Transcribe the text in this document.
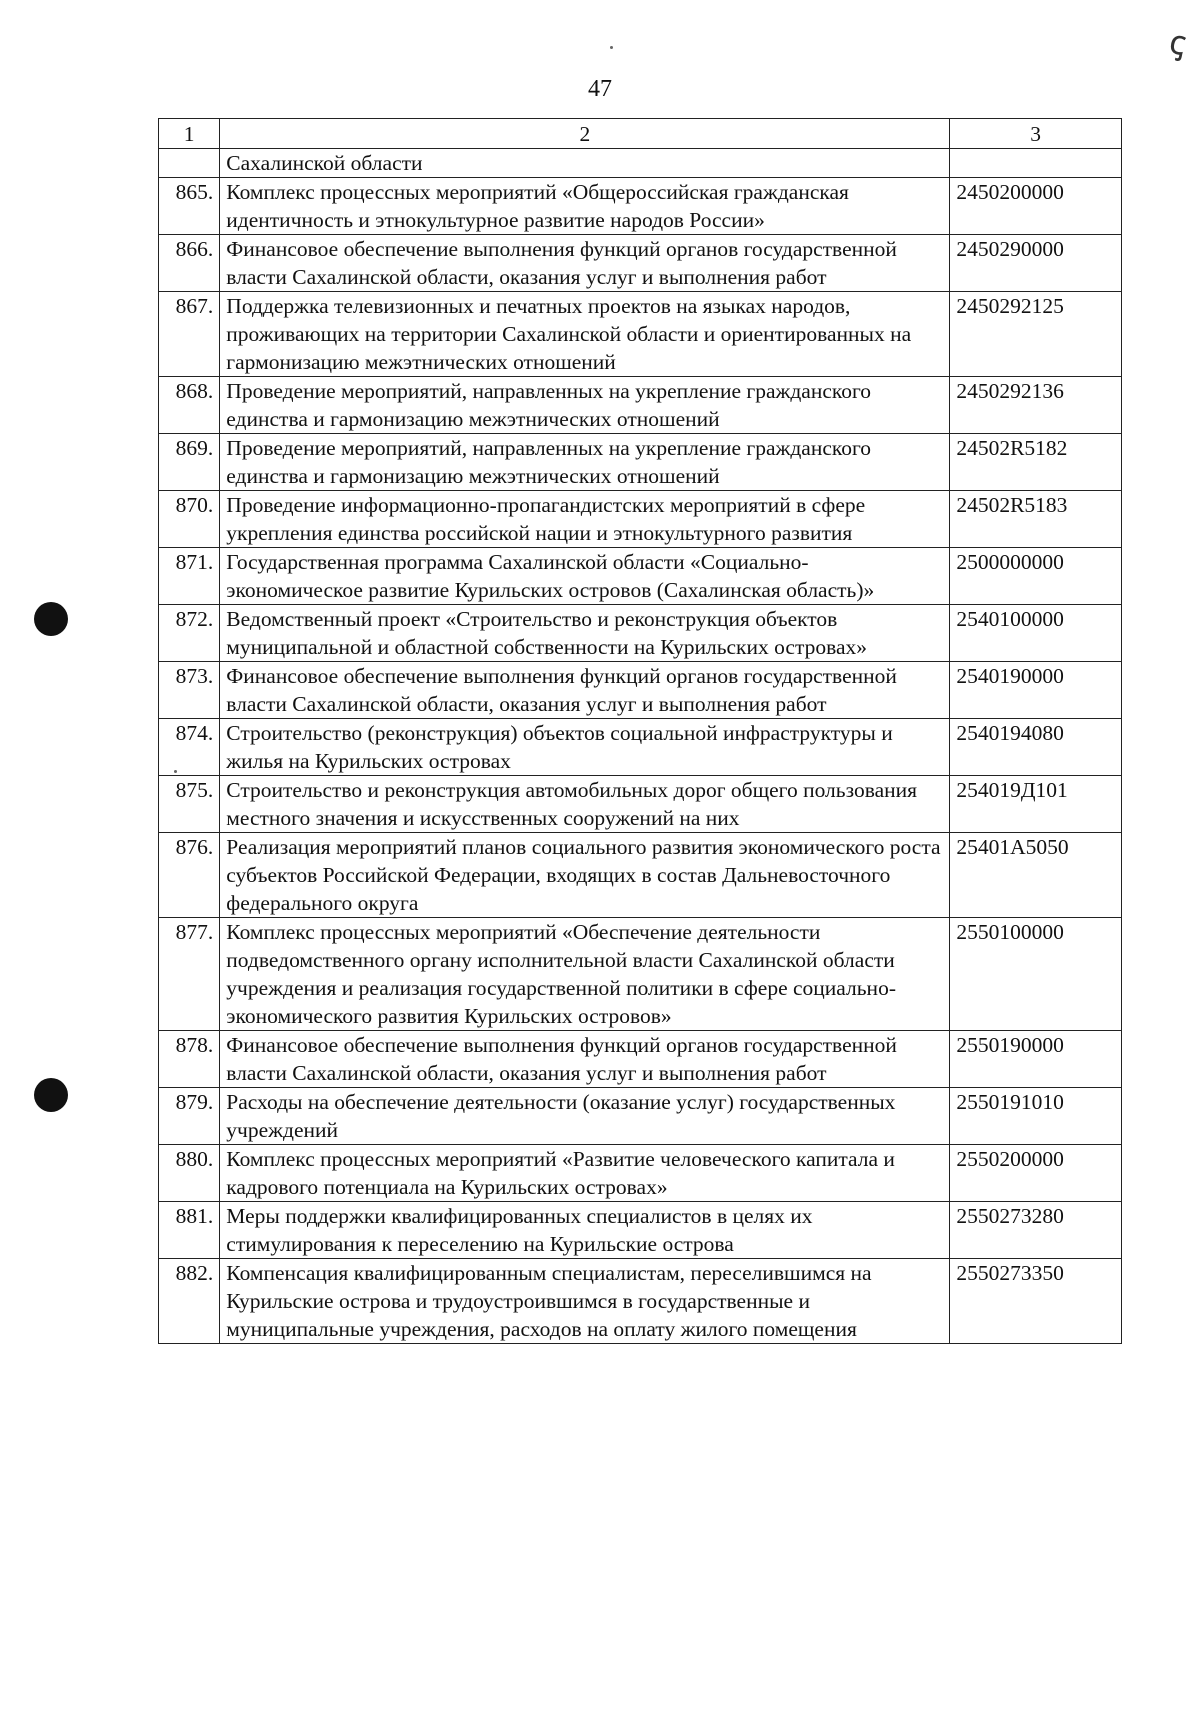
ꞔ
47
1	2	3
	Сахалинской области	
865.	Комплекс процессных мероприятий «Общероссийская гражданская идентичность и этнокультурное развитие народов России»	2450200000
866.	Финансовое обеспечение выполнения функций органов государственной власти Сахалинской области, оказания услуг и выполнения работ	2450290000
867.	Поддержка телевизионных и печатных проектов на языках народов, проживающих на территории Сахалинской области и ориентированных на гармонизацию межэтнических отношений	2450292125
868.	Проведение мероприятий, направленных на укрепление гражданского единства и гармонизацию межэтнических отношений	2450292136
869.	Проведение мероприятий, направленных на укрепление гражданского единства и гармонизацию межэтнических отношений	24502R5182
870.	Проведение информационно-пропагандистских мероприятий в сфере укрепления единства российской нации и этнокультурного развития	24502R5183
871.	Государственная программа Сахалинской области «Социально-экономическое развитие Курильских островов (Сахалинская область)»	2500000000
872.	Ведомственный проект «Строительство и реконструкция объектов муниципальной и областной собственности на Курильских островах»	2540100000
873.	Финансовое обеспечение выполнения функций органов государственной власти Сахалинской области, оказания услуг и выполнения работ	2540190000
874.	Строительство (реконструкция) объектов социальной инфраструктуры и жилья на Курильских островах	2540194080
875.	Строительство и реконструкция автомобильных дорог общего пользования местного значения и искусственных сооружений на них	254019Д101
876.	Реализация мероприятий планов социального развития экономического роста субъектов Российской Федерации, входящих в состав Дальневосточного федерального округа	25401A5050
877.	Комплекс процессных мероприятий «Обеспечение деятельности подведомственного органу исполнительной власти Сахалинской области учреждения и реализация государственной политики в сфере социально-экономического развития Курильских островов»	2550100000
878.	Финансовое обеспечение выполнения функций органов государственной власти Сахалинской области, оказания услуг и выполнения работ	2550190000
879.	Расходы на обеспечение деятельности (оказание услуг) государственных учреждений	2550191010
880.	Комплекс процессных мероприятий «Развитие человеческого капитала и кадрового потенциала на Курильских островах»	2550200000
881.	Меры поддержки квалифицированных специалистов в целях их стимулирования к переселению на Курильские острова	2550273280
882.	Компенсация квалифицированным специалистам, переселившимся на Курильские острова и трудоустроившимся в государственные и муниципальные учреждения, расходов на оплату жилого помещения	2550273350
